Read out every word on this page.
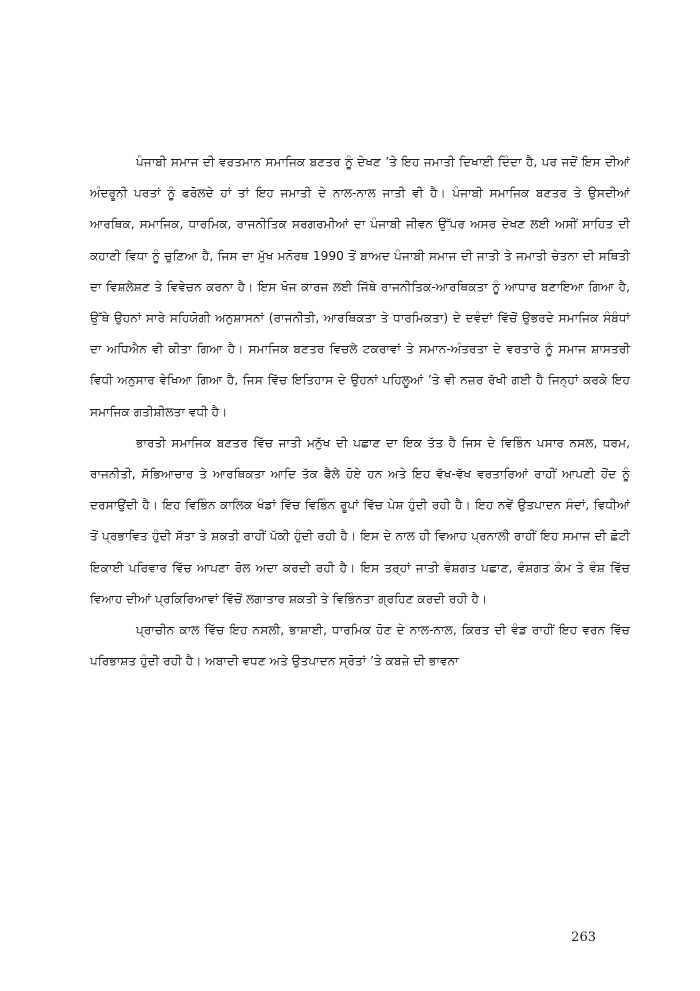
ਪੰਜਾਬੀ ਸਮਾਜ ਦੀ ਵਰਤਮਾਨ ਸਮਾਜਿਕ ਬਣਤਰ ਨੂੰ ਦੇਖਣ ’ਤੇ ਇਹ ਜਮਾਤੀ ਦਿਖਾਈ ਦਿੰਦਾ ਹੈ, ਪਰ ਜਦੋਂ ਇਸ ਦੀਆਂ ਅੰਦਰੂਨੀ ਪਰਤਾਂ ਨੂੰ ਫਰੋਲਦੇ ਹਾਂ ਤਾਂ ਇਹ ਜਮਾਤੀ ਦੇ ਨਾਲ-ਨਾਲ ਜਾਤੀ ਵੀ ਹੈ। ਪੰਜਾਬੀ ਸਮਾਜਿਕ ਬਣਤਰ ਤੇ ਉਸਦੀਆਂ ਆਰਥਿਕ, ਸਮਾਜਿਕ, ਧਾਰਮਿਕ, ਰਾਜਨੀਤਿਕ ਸਰਗਰਮੀਆਂ ਦਾ ਪੰਜਾਬੀ ਜੀਵਨ ਉੱਪਰ ਅਸਰ ਦੇਖਣ ਲਈ ਅਸੀਂ ਸਾਹਿਤ ਦੀ ਕਹਾਣੀ ਵਿਧਾ ਨੂੰ ਚੁਣਿਆ ਹੈ, ਜਿਸ ਦਾ ਮੁੱਖ ਮਨੋਰਥ 1990 ਤੋਂ ਬਾਅਦ ਪੰਜਾਬੀ ਸਮਾਜ ਦੀ ਜਾਤੀ ਤੇ ਜਮਾਤੀ ਚੇਤਨਾ ਦੀ ਸਥਿਤੀ ਦਾ ਵਿਸ਼ਲੇਸ਼ਣ ਤੇ ਵਿਵੇਚਨ ਕਰਨਾ ਹੈ। ਇਸ ਖੋਜ ਕਾਰਜ ਲਈ ਜਿੱਥੇ ਰਾਜਨੀਤਿਕ-ਆਰਥਿਕਤਾ ਨੂੰ ਆਧਾਰ ਬਣਾਇਆ ਗਿਆ ਹੈ, ਉੱਥੇ ਉਹਨਾਂ ਸਾਰੇ ਸਹਿਯੋਗੀ ਅਨੁਸ਼ਾਸਨਾਂ (ਰਾਜਨੀਤੀ, ਆਰਥਿਕਤਾ ਤੇ ਧਾਰਮਿਕਤਾ) ਦੇ ਦਵੰਦਾਂ ਵਿੱਚੋਂ ਉਭਰਦੇ ਸਮਾਜਿਕ ਸੰਬੰਧਾਂ ਦਾ ਅਧਿਐਨ ਵੀ ਕੀਤਾ ਗਿਆ ਹੈ। ਸਮਾਜਿਕ ਬਣਤਰ ਵਿਚਲੇ ਟਕਰਾਵਾਂ ਤੇ ਸਮਾਨ-ਅੰਤਰਤਾ ਦੇ ਵਰਤਾਰੇ ਨੂੰ ਸਮਾਜ ਸ਼ਾਸਤਰੀ ਵਿਧੀ ਅਨੁਸਾਰ ਵੇਖਿਆ ਗਿਆ ਹੈ, ਜਿਸ ਵਿੱਚ ਇਤਿਹਾਸ ਦੇ ਉਹਨਾਂ ਪਹਿਲੂਆਂ ’ਤੇ ਵੀ ਨਜ਼ਰ ਰੱਖੀ ਗਈ ਹੈ ਜਿਨ੍ਹਾਂ ਕਰਕੇ ਇਹ ਸਮਾਜਿਕ ਗਤੀਸ਼ੀਲਤਾ ਵਧੀ ਹੈ।

ਭਾਰਤੀ ਸਮਾਜਿਕ ਬਣਤਰ ਵਿੱਚ ਜਾਤੀ ਮਨੁੱਖ ਦੀ ਪਛਾਣ ਦਾ ਇਕ ਤੱਤ ਹੈ ਜਿਸ ਦੇ ਵਿਭਿੰਨ ਪਸਾਰ ਨਸਲ, ਧਰਮ, ਰਾਜਨੀਤੀ, ਸੱਭਿਆਚਾਰ ਤੇ ਆਰਥਿਕਤਾ ਆਦਿ ਤੱਕ ਫੈਲੇ ਹੋਏ ਹਨ ਅਤੇ ਇਹ ਵੱਖ-ਵੱਖ ਵਰਤਾਰਿਆਂ ਰਾਹੀਂ ਆਪਣੀ ਹੋਂਦ ਨੂੰ ਦਰਸਾਉਂਦੀ ਹੈ। ਇਹ ਵਿਭਿੰਨ ਕਾਲਿਕ ਖੰਡਾਂ ਵਿੱਚ ਵਿਭਿੰਨ ਰੂਪਾਂ ਵਿੱਚ ਪੇਸ਼ ਹੁੰਦੀ ਰਹੀ ਹੈ। ਇਹ ਨਵੇਂ ਉਤਪਾਦਨ ਸੰਦਾਂ, ਵਿਧੀਆਂ ਤੋਂ ਪ੍ਰਭਾਵਿਤ ਹੁੰਦੀ ਸੱਤਾ ਤੇ ਸ਼ਕਤੀ ਰਾਹੀਂ ਪੱਕੀ ਹੁੰਦੀ ਰਹੀ ਹੈ। ਇਸ ਦੇ ਨਾਲ ਹੀ ਵਿਆਹ ਪ੍ਰਨਾਲੀ ਰਾਹੀਂ ਇਹ ਸਮਾਜ ਦੀ ਛੋਟੀ ਇਕਾਈ ਪਰਿਵਾਰ ਵਿੱਚ ਆਪਣਾ ਰੋਲ ਅਦਾ ਕਰਦੀ ਰਹੀ ਹੈ। ਇਸ ਤਰ੍ਹਾਂ ਜਾਤੀ ਵੰਸ਼ਗਤ ਪਛਾਣ, ਵੰਸ਼ਗਤ ਕੰਮ ਤੇ ਵੰਸ਼ ਵਿੱਚ ਵਿਆਹ ਦੀਆਂ ਪ੍ਰਕਿਰਿਆਵਾਂ ਵਿੱਚੋਂ ਲਗਾਤਾਰ ਸ਼ਕਤੀ ਤੇ ਵਿਭਿੰਨਤਾ ਗ੍ਰਹਿਣ ਕਰਦੀ ਰਹੀ ਹੈ।

ਪ੍ਰਾਚੀਨ ਕਾਲ ਵਿੱਚ ਇਹ ਨਸਲੀ, ਭਾਸ਼ਾਈ, ਧਾਰਮਿਕ ਹੋਣ ਦੇ ਨਾਲ-ਨਾਲ, ਕਿਰਤ ਦੀ ਵੰਡ ਰਾਹੀਂ ਇਹ ਵਰਨ ਵਿੱਚ ਪਰਿਭਾਸ਼ਤ ਹੁੰਦੀ ਰਹੀ ਹੈ। ਅਬਾਦੀ ਵਧਣ ਅਤੇ ਉਤਪਾਦਨ ਸ੍ਰੋਤਾਂ ’ਤੇ ਕਬਜ਼ੇ ਦੀ ਭਾਵਨਾ

263
